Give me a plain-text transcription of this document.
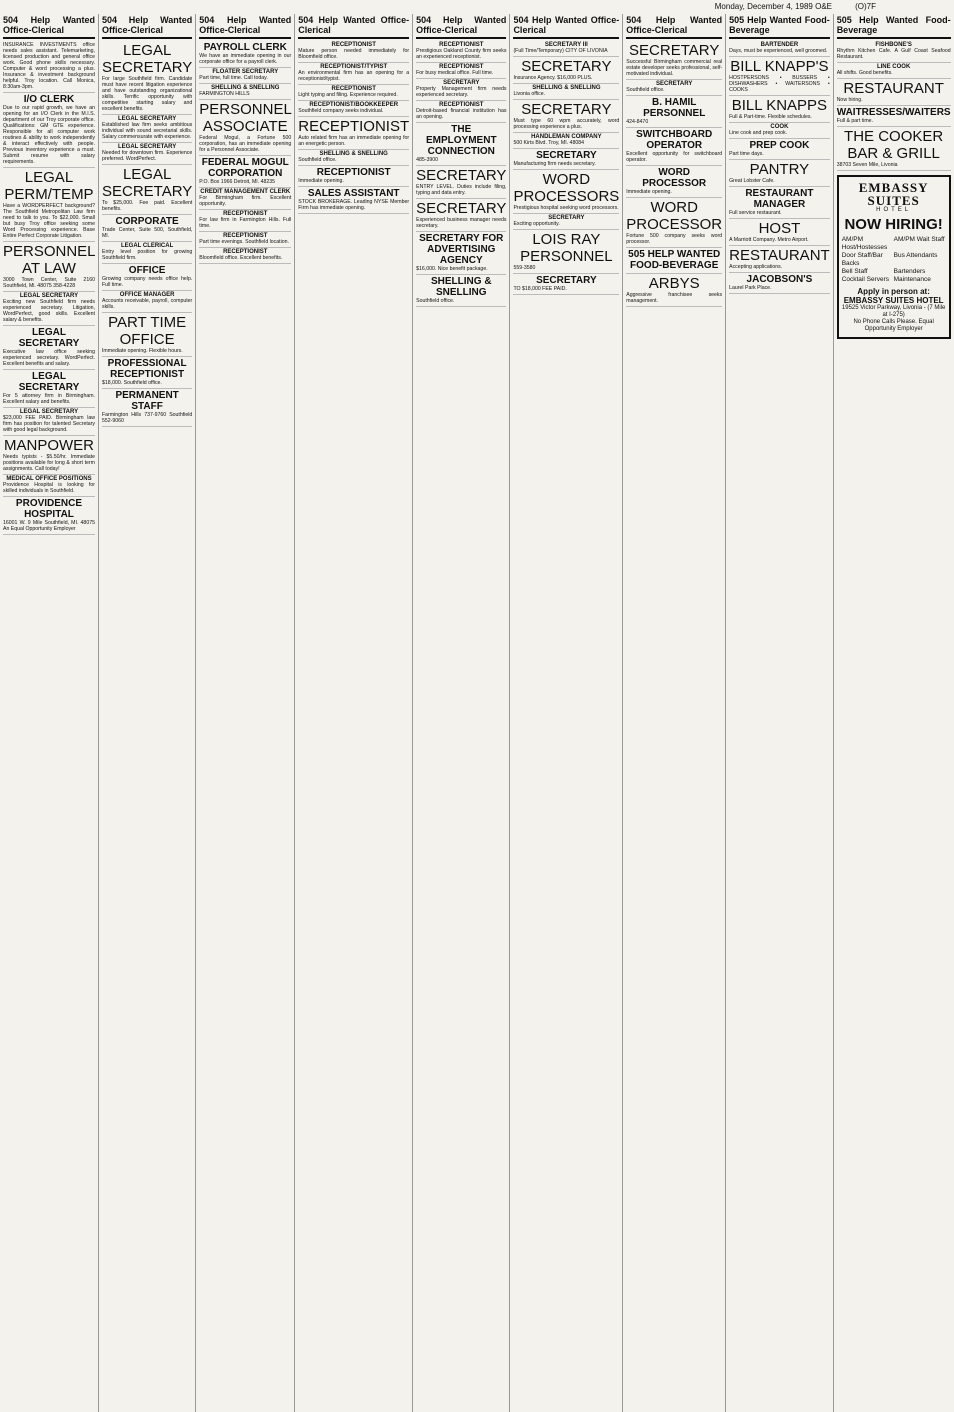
Monday, December 4, 1989 O&E	(O)7F
504 Help Wanted Office-Clerical
INSURANCE INVESTMENTS office needs sales assistant. Telemarketing, licensed production and general office work. Good phone skills necessary. Computer & word processing a plus. Insurance & investment background helpful. Troy location. Call Monica, 8:30am-3pm.
I/O CLERK
Due to our rapid growth, we have an opening for an I/O Clerk in the M.I.S. department of our Troy corporate office. Qualifications: GM GTE experience. Responsible for all computer work routines & ability to work independently & interact effectively with people. Previous inventory experience a must. Submit resume with salary requirements.
LEGAL PERM/TEMP
Have a WORDPERFECT background? The Southfield Metropolitan Law firm need to talk to you. To $22,000. Small but busy Troy office seeking some Word Processing experience. Base Entire Perfect Corporate Litigation.
PERSONNEL AT LAW
3000 Town Center, Suite 2160 Southfield, Mi. 48075 358-4228
LEGAL SECRETARY
Exciting new Southfield firm needs experienced secretary. Litigation, WordPerfect, good skills. Excellent salary & benefits.
LEGAL SECRETARY
Executive law office seeking experienced secretary. WordPerfect. Excellent benefits and salary.
LEGAL SECRETARY
For 5 attorney firm in Birmingham. Excellent salary and benefits.
LEGAL SECRETARY
$23,000 FEE PAID. Birmingham law firm has position for talented Secretary with good legal background.
MANPOWER
Needs typists - $5.50/hr. Immediate positions available for long & short term assignments. Call today!
MEDICAL OFFICE POSITIONS
Providence Hospital is looking for skilled individuals in Southfield.
PROVIDENCE HOSPITAL
16001 W. 9 Mile Southfield, MI. 48075 An Equal Opportunity Employer
504 Help Wanted Office-Clerical
LEGAL SECRETARY
For large Southfield firm. Candidate must have recent litigation experience and have outstanding organizational skills. Terrific opportunity with competitive starting salary and excellent benefits.
LEGAL SECRETARY
Established law firm seeks ambitious individual with sound secretarial skills. Salary commensurate with experience.
LEGAL SECRETARY
Needed for downtown firm. Experience preferred. WordPerfect.
LEGAL SECRETARY
To $25,000. Fee paid. Excellent benefits.
CORPORATE
Trade Center, Suite 500, Southfield, MI.
LEGAL CLERICAL
Entry level position for growing Southfield firm.
OFFICE
Growing company needs office help. Full time.
OFFICE MANAGER
Accounts receivable, payroll, computer skills.
PART TIME OFFICE
Immediate opening. Flexible hours.
PROFESSIONAL RECEPTIONIST
$18,000. Southfield office.
PERMANENT STAFF
Farmington Hills 737-9760 Southfield 552-9060
504 Help Wanted Office-Clerical
PAYROLL CLERK
We have an immediate opening in our corporate office for a payroll clerk.
FLOATER SECRETARY
Part time, full time. Call today.
SHELLING & SNELLING
FARMINGTON HILLS
PERSONNEL ASSOCIATE
Federal Mogul, a Fortune 500 corporation, has an immediate opening for a Personnel Associate.
FEDERAL MOGUL CORPORATION
P.O. Box 1966 Detroit, MI. 48235
CREDIT MANAGEMENT CLERK
For Birmingham firm. Excellent opportunity.
RECEPTIONIST
For law firm in Farmington Hills. Full time.
RECEPTIONIST
Part time evenings. Southfield location.
RECEPTIONIST
Bloomfield office. Excellent benefits.
504 Help Wanted Office-Clerical
RECEPTIONIST
Mature person needed immediately for Bloomfield office.
RECEPTIONIST/TYPIST
An environmental firm has an opening for a receptionist/typist.
RECEPTIONIST
Light typing and filing. Experience required.
RECEPTIONIST/BOOKKEEPER
Southfield company seeks individual.
RECEPTIONIST
Auto related firm has an immediate opening for an energetic person.
SHELLING & SNELLING
Southfield office.
RECEPTIONIST
Immediate opening.
SALES ASSISTANT
STOCK BROKERAGE. Leading NYSE Member Firm has immediate opening.
504 Help Wanted Office-Clerical
RECEPTIONIST
Prestigious Oakland County firm seeks an experienced receptionist.
RECEPTIONIST
For busy medical office. Full time.
SECRETARY
Property Management firm needs experienced secretary.
RECEPTIONIST
Detroit-based financial institution has an opening.
THE EMPLOYMENT CONNECTION
485-3900
SECRETARY
ENTRY LEVEL. Duties include filing, typing and data entry.
SECRETARY
Experienced business manager needs secretary.
SECRETARY FOR ADVERTISING AGENCY
$16,000. Nice benefit package.
SHELLING & SNELLING
Southfield office.
504 Help Wanted Office-Clerical
SECRETARY III
(Full Time/Temporary) CITY OF LIVONIA
SECRETARY
Insurance Agency. $16,000 PLUS.
SHELLING & SNELLING
Livonia office.
SECRETARY
Must type 60 wpm accurately, word processing experience a plus.
HANDLEMAN COMPANY
500 Kirts Blvd. Troy, MI. 48084
SECRETARY
Manufacturing firm needs secretary.
WORD PROCESSORS
Prestigious hospital seeking word processors.
SECRETARY
Exciting opportunity.
LOIS RAY PERSONNEL
559-3580
SECRETARY
TO $18,000 FEE PAID.
504 Help Wanted Office-Clerical
SECRETARY
Successful Birmingham commercial real estate developer seeks professional, self-motivated individual.
SECRETARY
Southfield office.
B. HAMIL PERSONNEL
424-8470
SWITCHBOARD OPERATOR
Excellent opportunity for switchboard operator.
WORD PROCESSOR
Immediate opening.
WORD PROCESSOR
Fortune 500 company seeks word processor.
505 HELP WANTED FOOD-BEVERAGE
ARBYS
Aggressive franchisee seeks management.
505 Help Wanted Food-Beverage
BARTENDER
Days, must be experienced, well groomed.
BILL KNAPP'S
HOSTPERSONS • BUSSERS • DISHWASHERS • WAITERSONS • COOKS
BILL KNAPPS
Full & Part-time. Flexible schedules.
COOK
Line cook and prep cook.
PREP COOK
Part time days.
PANTRY
Great Lobster Cafe.
RESTAURANT MANAGER
Full service restaurant.
HOST
A Marriott Company. Metro Airport.
RESTAURANT
Accepting applications.
JACOBSON'S
Laurel Park Place.
505 Help Wanted Food-Beverage
FISHBONE'S
Rhythm Kitchen Cafe. A Gulf Coast Seafood Restaurant.
LINE COOK
All shifts. Good benefits.
RESTAURANT
Now hiring.
WAITRESSES/WAITERS
Full & part time.
THE COOKER BAR & GRILL
38703 Seven Mile, Livonia
EMBASSY SUITES
HOTEL
NOW HIRING!
AM/PM Host/Hostesses
AM/PM Wait Staff
Door Staff/Bar Backs
Bus Attendants
Bell Staff	Bartenders
Cocktail Servers Maintenance
Apply in person at: EMBASSY SUITES HOTEL
19525 Victor Parkway, Livonia - (7 Mile at I-275)
No Phone Calls Please. Equal Opportunity Employer
